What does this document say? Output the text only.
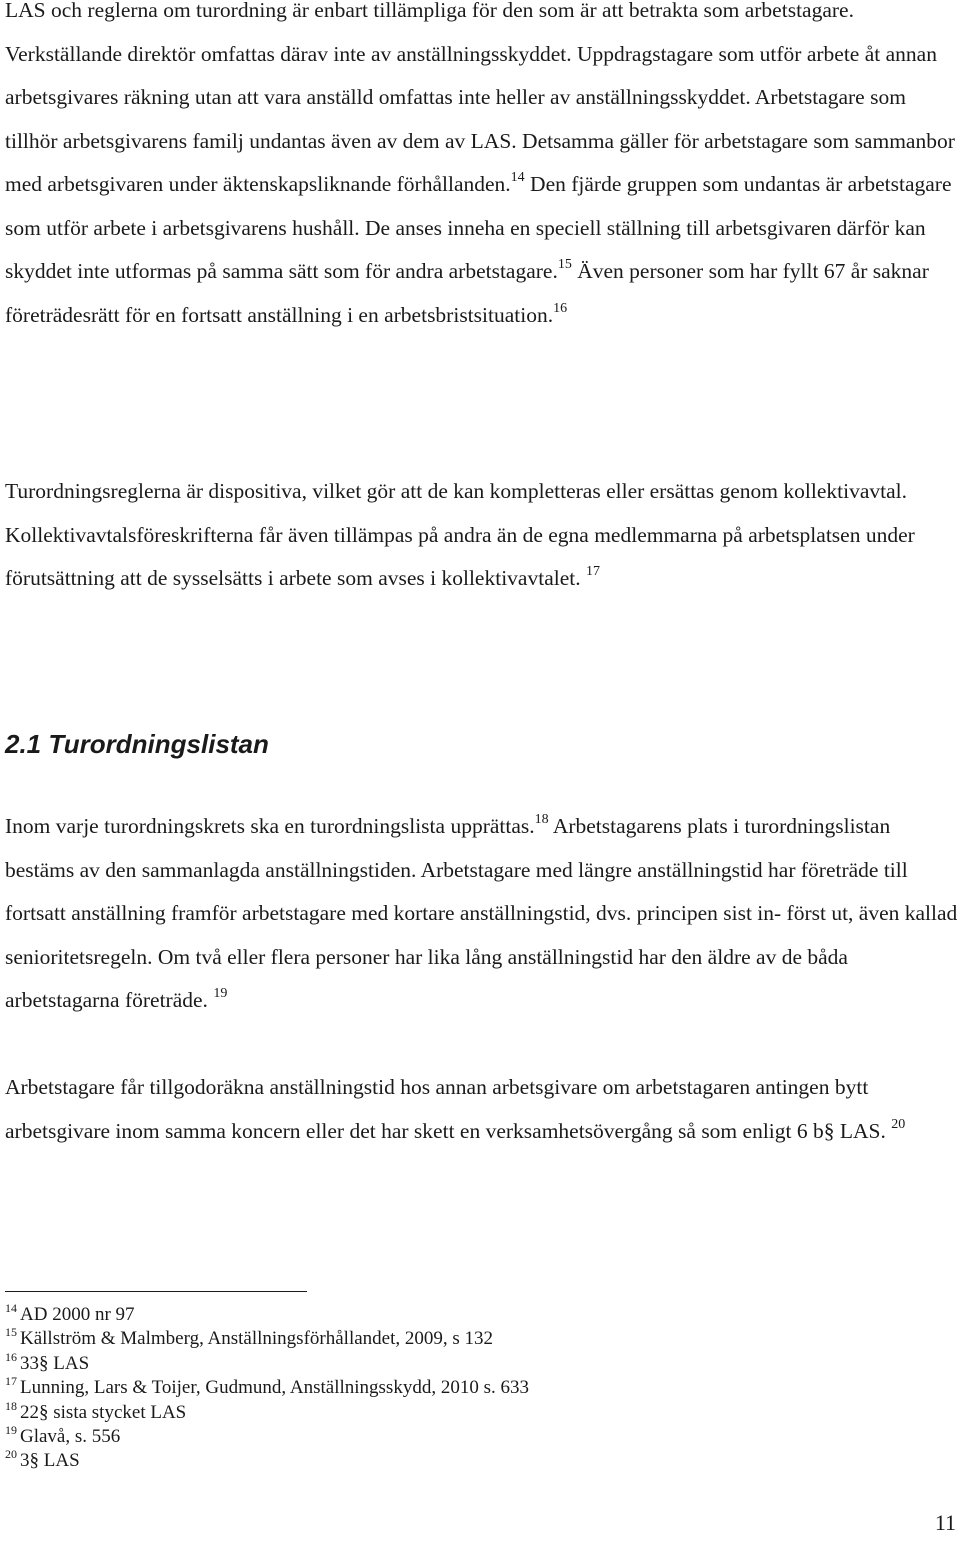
LAS och reglerna om turordning är enbart tillämpliga för den som är att betrakta som arbetstagare. Verkställande direktör omfattas därav inte av anställningsskyddet. Uppdragstagare som utför arbete åt annan arbetsgivares räkning utan att vara anställd omfattas inte heller av anställningsskyddet. Arbetstagare som tillhör arbetsgivarens familj undantas även av dem av LAS. Detsamma gäller för arbetstagare som sammanbor med arbetsgivaren under äktenskapsliknande förhållanden.$^{14}$ Den fjärde gruppen som undantas är arbetstagare som utför arbete i arbetsgivarens hushåll. De anses inneha en speciell ställning till arbetsgivaren därför kan skyddet inte utformas på samma sätt som för andra arbetstagare.$^{15}$ Även personer som har fyllt 67 år saknar företrädesrätt för en fortsatt anställning i en arbetsbristsituation.$^{16}$

Turordningsreglerna är dispositiva, vilket gör att de kan kompletteras eller ersättas genom kollektivavtal. Kollektivavtalsföreskrifterna får även tillämpas på andra än de egna medlemmarna på arbetsplatsen under förutsättning att de sysselsätts i arbete som avses i kollektivavtalet. $^{17}$

2.1 Turordningslistan

Inom varje turordningskrets ska en turordningslista upprättas.$^{18}$ Arbetstagarens plats i turordningslistan bestäms av den sammanlagda anställningstiden. Arbetstagare med längre anställningstid har företräde till fortsatt anställning framför arbetstagare med kortare anställningstid, dvs. principen sist in- först ut, även kallad senioritetsregeln. Om två eller flera personer har lika lång anställningstid har den äldre av de båda arbetstagarna företräde. $^{19}$

Arbetstagare får tillgodoräkna anställningstid hos annan arbetsgivare om arbetstagaren antingen bytt arbetsgivare inom samma koncern eller det har skett en verksamhetsövergång så som enligt 6 b§ LAS. $^{20}$

$^{14}$ AD 2000 nr 97
$^{15}$ Källström & Malmberg, Anställningsförhållandet, 2009, s 132
$^{16}$ 33§ LAS
$^{17}$ Lunning, Lars & Toijer, Gudmund, Anställningsskydd, 2010 s. 633
$^{18}$ 22§ sista stycket LAS
$^{19}$ Glavå, s. 556
$^{20}$ 3§ LAS
11
